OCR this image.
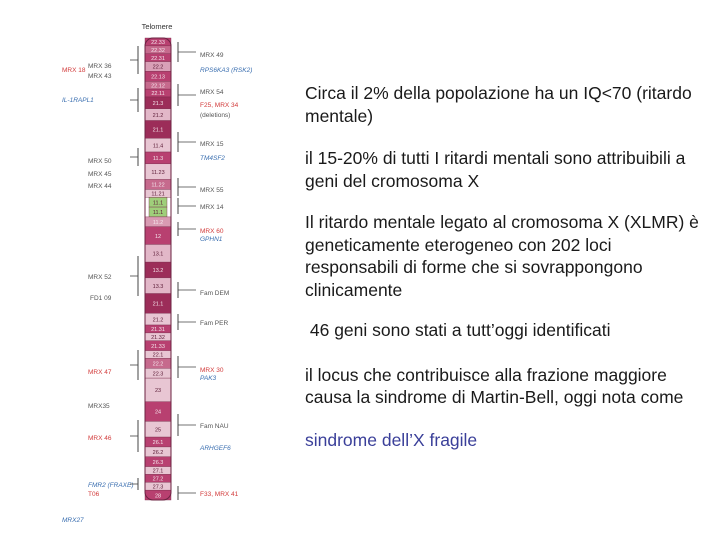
Telomere
22.33
22.32
22.31
22.2
22.13
22.12
22.11
21.3
21.2
21.1
11.4
11.3
11.23
11.22
11.21
11.1
11.1
11.2
12
13.1
13.2
13.3
21.1
21.2
21.31
21.32
21.33
22.1
22.2
22.3
23
24
25
26.1
26.2
26.3
27.1
27.2
27.3
28
MRX 18
MRX 36
MRX 43
IL-1RAPL1
MRX 50
MRX 45
MRX 44
MRX 52
FD1 09
MRX 47
MRX35
MRX 46
FMR2 (FRAXE)
T06
MRX27
MRX 49
RPS6KA3 (RSK2)
MRX 54
F25, MRX 34
(deletions)
MRX 15
TM4SF2
MRX 55
MRX 14
MRX 60
GPHN1
Fam DEM
Fam PER
MRX 30
PAK3
Fam NAU
ARHGEF6
F33, MRX 41

Circa il 2% della popolazione ha un IQ<70 (ritardo mentale)

il 15-20% di tutti I ritardi mentali sono attribuibili a geni del cromosoma X

Il ritardo mentale legato al cromosoma X (XLMR) è geneticamente eterogeneo con 202 loci responsabili di forme che si sovrappongono clinicamente

46 geni sono stati a tutt’oggi identificati

il locus che contribuisce alla frazione maggiore causa la sindrome di Martin-Bell, oggi nota come

sindrome dell’X fragile
